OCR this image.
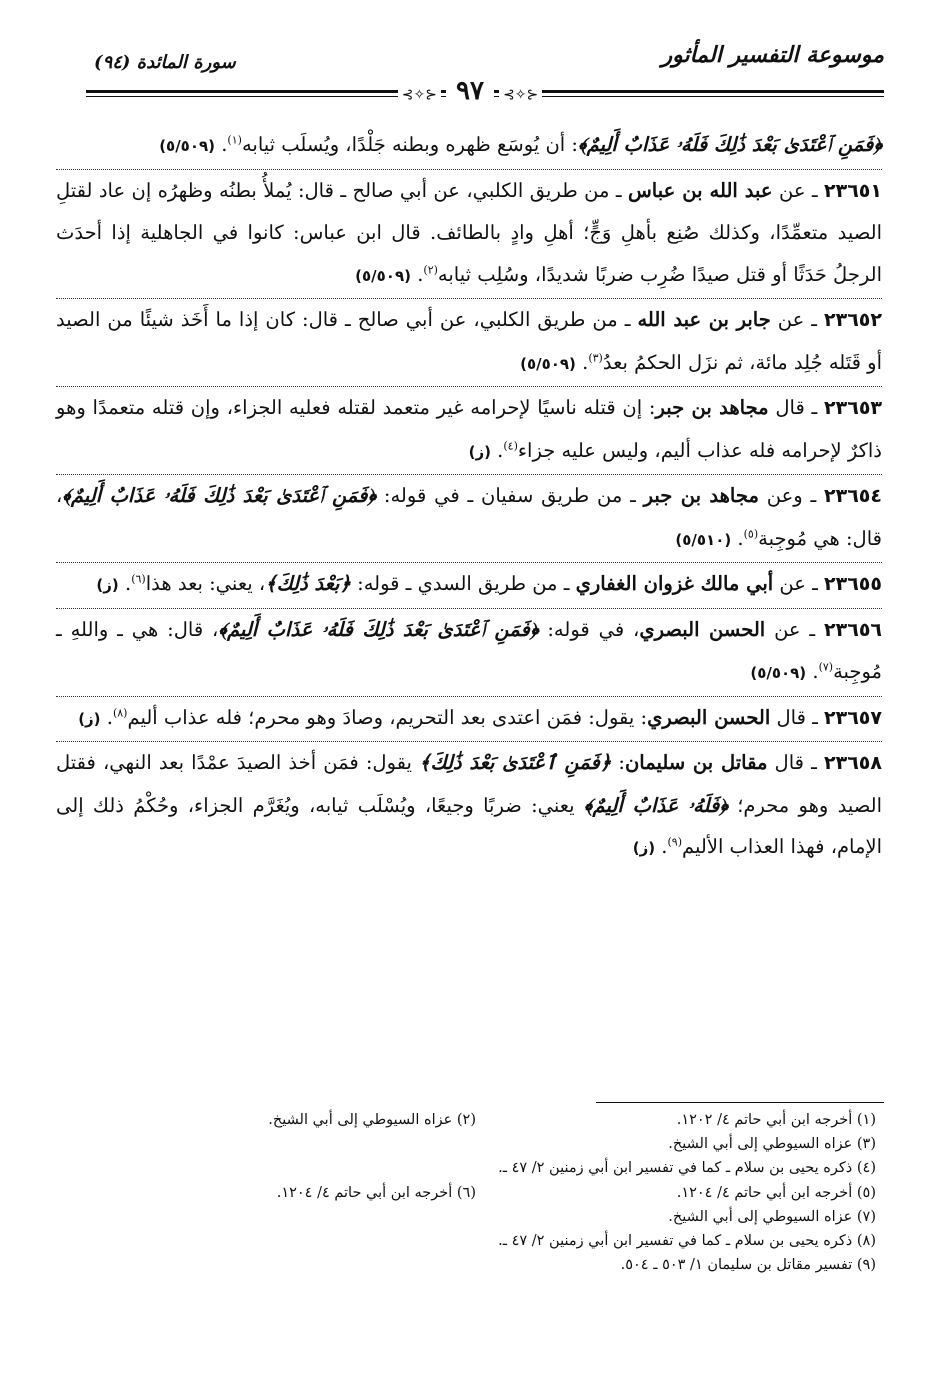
موسوعة التفسير المأثور
سورة المائدة (٩٤)
⊰✧⊱ ٩٧ ⊰✧⊱

﴿فَمَنِ ٱعْتَدَىٰ بَعْدَ ذَٰلِكَ فَلَهُۥ عَذَابٌ أَلِيمٌ﴾: أن يُوسَع ظهره وبطنه جَلْدًا، ويُسلَب ثيابه$^{(١)}$. (٥/٥٠٩)

٢٣٦٥١ ـ عن عبد الله بن عباس ـ من طريق الكلبي، عن أبي صالح ـ قال: يُملأُ بطنُه وظهرُه إن عاد لقتلِ الصيد متعمِّدًا، وكذلك صُنِع بأهلِ وَجٍّ؛ أهلِ وادٍ بالطائف. قال ابن عباس: كانوا في الجاهلية إذا أحدَث الرجلُ حَدَثًا أو قتل صيدًا ضُرِب ضربًا شديدًا، وسُلِب ثيابه$^{(٢)}$. (٥/٥٠٩)

٢٣٦٥٢ ـ عن جابر بن عبد الله ـ من طريق الكلبي، عن أبي صالح ـ قال: كان إذا ما أَخَذ شيئًا من الصيد أو قَتَله جُلِد مائة، ثم نزَل الحكمُ بعدُ$^{(٣)}$. (٥/٥٠٩)

٢٣٦٥٣ ـ قال مجاهد بن جبر: إن قتله ناسيًا لإحرامه غير متعمد لقتله فعليه الجزاء، وإن قتله متعمدًا وهو ذاكرٌ لإحرامه فله عذاب أليم، وليس عليه جزاء$^{(٤)}$. (ز)

٢٣٦٥٤ ـ وعن مجاهد بن جبر ـ من طريق سفيان ـ في قوله: ﴿فَمَنِ ٱعْتَدَىٰ بَعْدَ ذَٰلِكَ فَلَهُۥ عَذَابٌ أَلِيمٌ﴾، قال: هي مُوجِبة$^{(٥)}$. (٥/٥١٠)

٢٣٦٥٥ ـ عن أبي مالك غزوان الغفاري ـ من طريق السدي ـ قوله: ﴿بَعْدَ ذَٰلِكَ﴾، يعني: بعد هذا$^{(٦)}$. (ز)

٢٣٦٥٦ ـ عن الحسن البصري، في قوله: ﴿فَمَنِ ٱعْتَدَىٰ بَعْدَ ذَٰلِكَ فَلَهُۥ عَذَابٌ أَلِيمٌ﴾، قال: هي ـ واللهِ ـ مُوجِبة$^{(٧)}$. (٥/٥٠٩)

٢٣٦٥٧ ـ قال الحسن البصري: يقول: فمَن اعتدى بعد التحريم، وصادَ وهو محرم؛ فله عذاب أليم$^{(٨)}$. (ز)

٢٣٦٥٨ ـ قال مقاتل بن سليمان: ﴿فَمَنِ ٱعْتَدَىٰ بَعْدَ ذَٰلِكَ﴾ يقول: فمَن أخذ الصيدَ عمْدًا بعد النهي، فقتل الصيد وهو محرم؛ ﴿فَلَهُۥ عَذَابٌ أَلِيمٌ﴾ يعني: ضربًا وجيعًا، ويُسْلَب ثيابه، ويُغَرَّم الجزاء، وحُكْمُ ذلك إلى الإمام، فهذا العذاب الأليم$^{(٩)}$. (ز)

(١) أخرجه ابن أبي حاتم ٤/ ١٢٠٢.
(٢) عزاه السيوطي إلى أبي الشيخ.
(٣) عزاه السيوطي إلى أبي الشيخ.
(٤) ذكره يحيى بن سلام ـ كما في تفسير ابن أبي زمنين ٢/ ٤٧ ـ.
(٥) أخرجه ابن أبي حاتم ٤/ ١٢٠٤.
(٦) أخرجه ابن أبي حاتم ٤/ ١٢٠٤.
(٧) عزاه السيوطي إلى أبي الشيخ.
(٨) ذكره يحيى بن سلام ـ كما في تفسير ابن أبي زمنين ٢/ ٤٧ ـ.
(٩) تفسير مقاتل بن سليمان ١/ ٥٠٣ ـ ٥٠٤.
